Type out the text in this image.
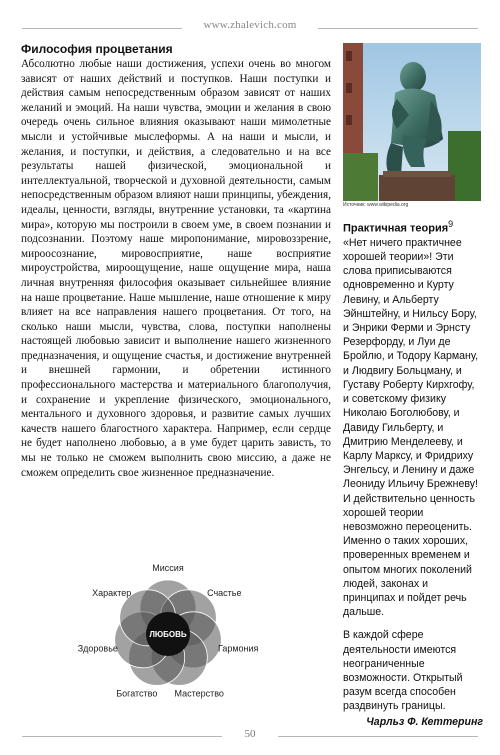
www.zhalevich.com
Философия процветания

Абсолютно любые наши достижения, успехи очень во многом зависят от наших действий и поступков. Наши поступки и действия самым непосредственным образом зависят от наших желаний и эмоций. На наши чувства, эмоции и желания в свою очередь очень сильное влияния оказывают наши мимолетные мысли и устойчивые мыслеформы. А на наши и мысли, и желания, и поступки, и действия, а следовательно и на все результаты нашей физической, эмоциональной и интеллектуальной, творческой и духовной деятельности, самым непосредственным образом влияют наши принципы, убеждения, идеалы, ценности, взгляды, внутренние установки, та «картина мира», которую мы построили в своем уме, в своем познании и подсознании. Поэтому наше миропонимание, мировоззрение, мироосознание, мировосприятие, наше восприятие мироустройства, мироощущение, наше ощущение мира, наша личная внутренняя философия оказывает сильнейшее влияние на наше процветание. Наше мышление, наше отношение к миру влияет на все направления нашего процветания. От того, на сколько наши мысли, чувства, слова, поступки наполнены настоящей любовью зависит и выполнение нашего жизненного предназначения, и ощущение счастья, и достижение внутренней и внешней гармонии, и обретении истинного профессионального мастерства и материального благополучия, и сохранение и укрепление физического, эмоционального, ментального и духовного здоровья, и развитие самых лучших качеств нашего благостного характера. Например, если сердце не будет наполнено любовью, а в уме будет царить зависть, то мы не только не сможем выполнить свою миссию, а даже не сможем определить свое жизненное предназначение.

Источник: www.wikipedia.org
Практичная теория$^9$

«Нет ничего практичнее хорошей теории»! Эти слова приписываются одновременно и Курту Левину, и Альберту Эйнштейну, и Нильсу Бору, и Энрики Ферми и Эрнсту Резерфорду, и Луи де Бройлю, и Тодору Карману, и Людвигу Больцману, и Густаву Роберту Кирхгофу, и советскому физику Николаю Боголюбову, и Давиду Гильберту, и Дмитрию Менделееву, и Карлу Марксу, и Фридриху Энгельсу, и Ленину и даже Леониду Ильичу Брежневу! И действительно ценность хорошей теории невозможно переоценить. Именно о таких хороших, проверенных временем и опытом многих поколений людей, законах и принципах и пойдет речь дальше.

В каждой сфере деятельности имеются неограниченные возможности. Открытый разум всегда способен раздвинуть границы.

Чарльз Ф. Кеттеринг
Миссия
Счастье
Гармония
Мастерство
Богатство
Здоровье
Характер
ЛЮБОВЬ
50
